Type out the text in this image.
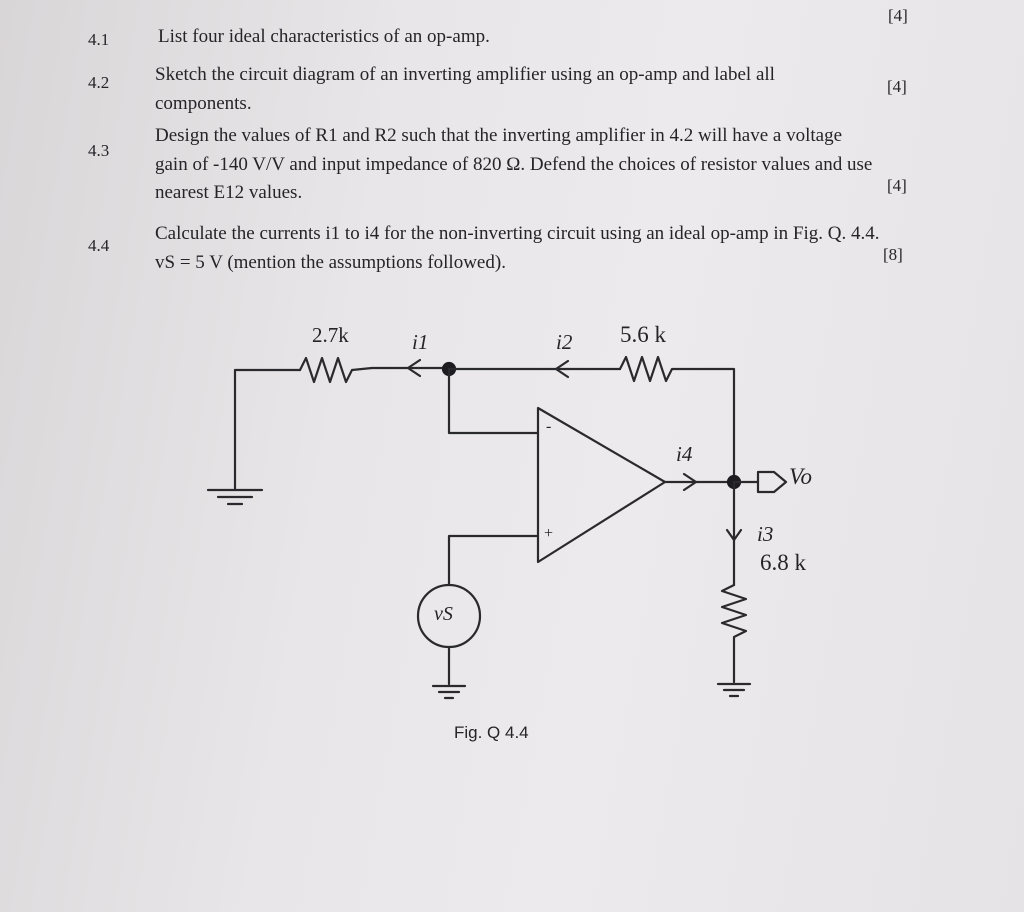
4.1
4.2
4.3
4.4
List four ideal characteristics of an op-amp.
Sketch the circuit diagram of an inverting amplifier using an op-amp and label all components.
Design the values of R1 and R2 such that the inverting amplifier in 4.2 will have a voltage gain of -140 V/V and input impedance of 820 Ω. Defend the choices of resistor values and use nearest E12 values.
Calculate the currents i1 to i4 for the non-inverting circuit using an ideal op-amp in Fig. Q. 4.4. vS = 5 V (mention the assumptions followed).
[4]
[4]
[4]
[8]
2.7k	i1	i2 5.6 k
-
+
i4
Vo
i3
6.8 k
vS
Fig. Q 4.4
